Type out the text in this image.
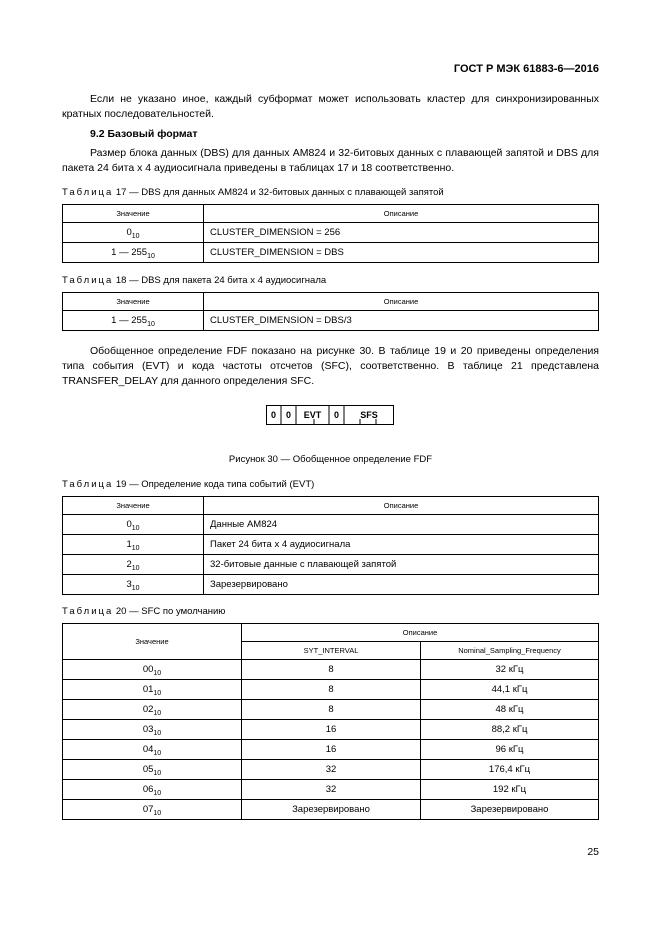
ГОСТ Р МЭК 61883-6—2016
Если не указано иное, каждый субформат может использовать кластер для синхронизированных кратных последовательностей.
9.2 Базовый формат
Размер блока данных (DBS) для данных AM824 и 32-битовых данных с плавающей запятой и DBS для пакета 24 бита x 4 аудиосигнала приведены в таблицах 17 и 18 соответственно.
Таблица 17 — DBS для данных AM824 и 32-битовых данных с плавающей запятой
Значение	Описание
$0_{10}$	CLUSTER_DIMENSION = 256
1 — $255_{10}$	CLUSTER_DIMENSION = DBS
Таблица 18 — DBS для пакета 24 бита x 4 аудиосигнала
Значение	Описание
1 — $255_{10}$	CLUSTER_DIMENSION = DBS/3
Обобщенное определение FDF показано на рисунке 30. В таблице 19 и 20 приведены определения типа события (EVT) и кода частоты отсчетов (SFC), соответственно. В таблице 21 представлена TRANSFER_DELAY для данного определения SFC.
0 0 EVT 0 SFS
Рисунок 30 — Обобщенное определение FDF
Таблица 19 — Определение кода типа событий (EVT)
Значение	Описание
$0_{10}$	Данные AM824
$1_{10}$	Пакет 24 бита x 4 аудиосигнала
$2_{10}$	32-битовые данные с плавающей запятой
$3_{10}$	Зарезервировано
Таблица 20 — SFC по умолчанию
Значение	Описание	
	SYT_INTERVAL	Nominal_Sampling_Frequency
$00_{10}$	8	32 кГц
$01_{10}$	8	44,1 кГц
$02_{10}$	8	48 кГц
$03_{10}$	16	88,2 кГц
$04_{10}$	16	96 кГц
$05_{10}$	32	176,4 кГц
$06_{10}$	32	192 кГц
$07_{10}$	Зарезервировано	Зарезервировано
25
